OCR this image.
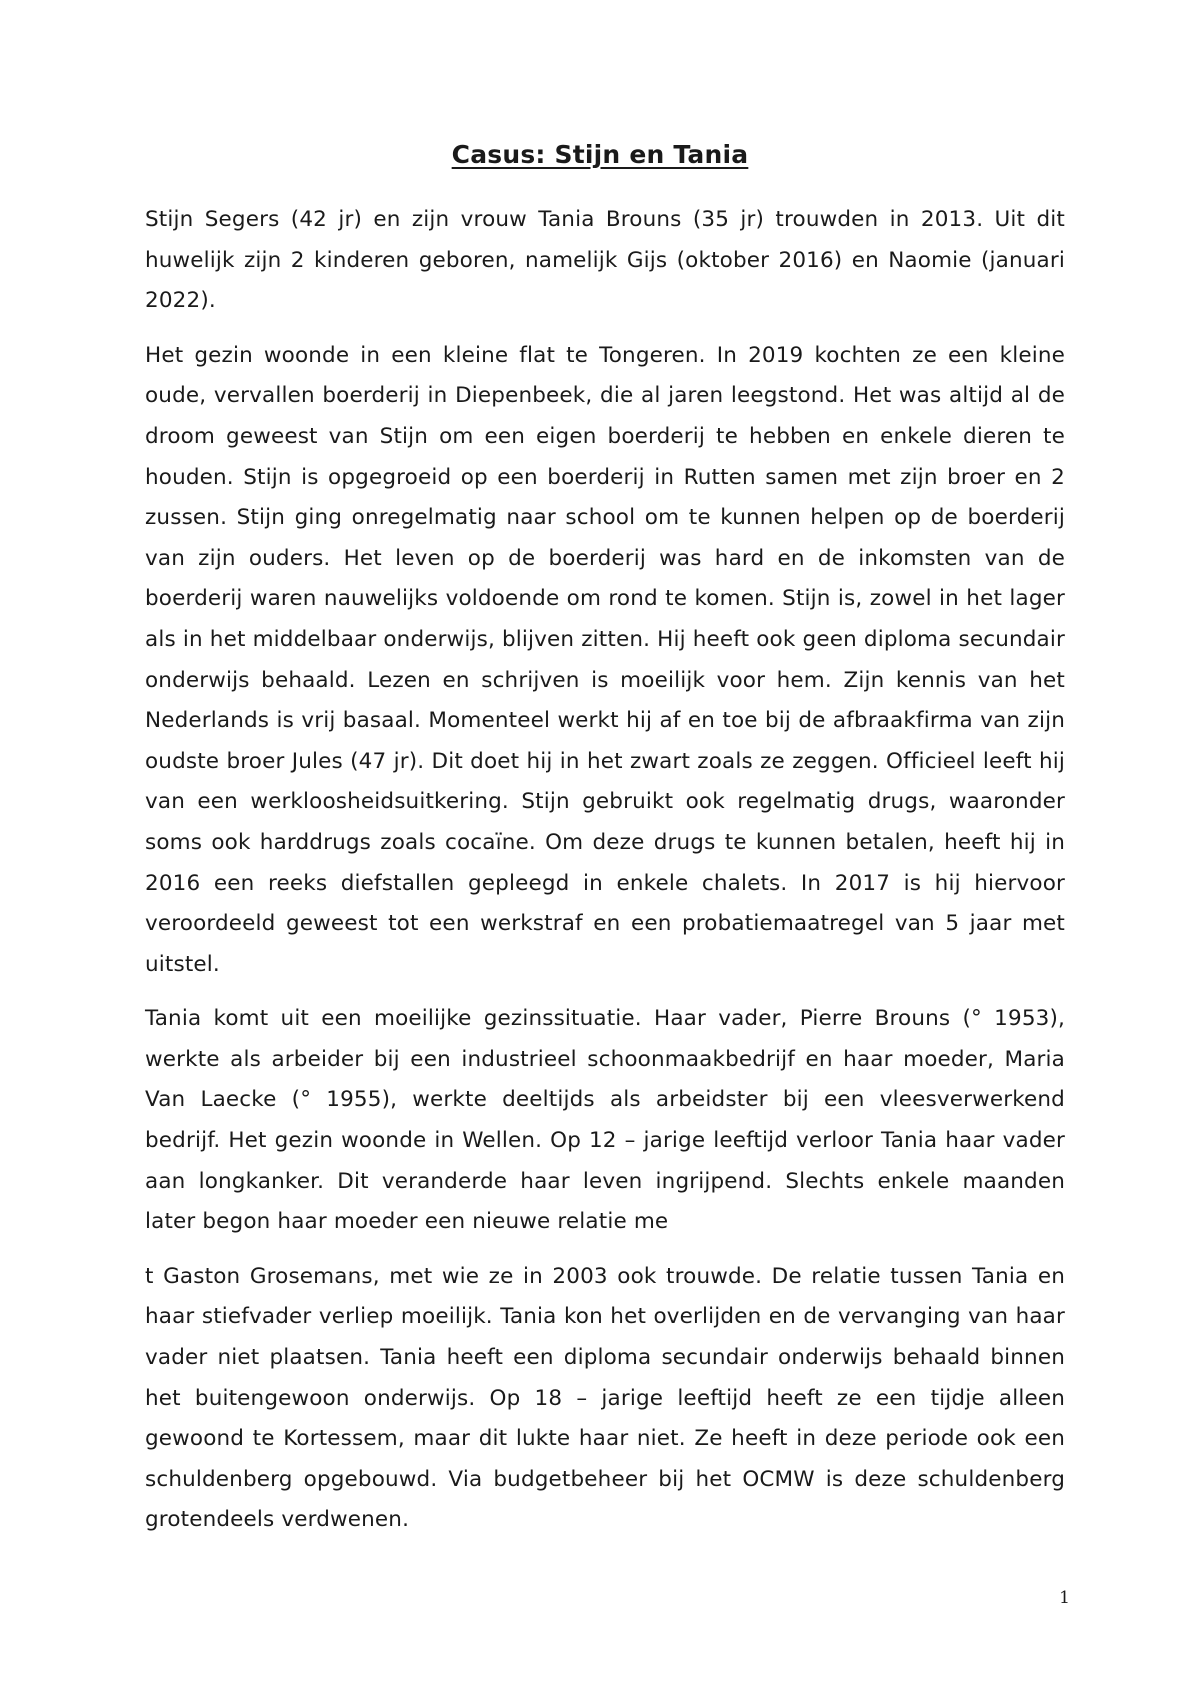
Casus: Stijn en Tania

Stijn Segers (42 jr) en zijn vrouw Tania Brouns (35 jr) trouwden in 2013. Uit dit huwelijk zijn 2 kinderen geboren, namelijk Gijs (oktober 2016) en Naomie (januari 2022).

Het gezin woonde in een kleine flat te Tongeren. In 2019 kochten ze een kleine oude, vervallen boerderij in Diepenbeek, die al jaren leegstond. Het was altijd al de droom geweest van Stijn om een eigen boerderij te hebben en enkele dieren te houden. Stijn is opgegroeid op een boerderij in Rutten samen met zijn broer en 2 zussen. Stijn ging onregelmatig naar school om te kunnen helpen op de boerderij van zijn ouders. Het leven op de boerderij was hard en de inkomsten van de boerderij waren nauwelijks voldoende om rond te komen. Stijn is, zowel in het lager als in het middelbaar onderwijs, blijven zitten. Hij heeft ook geen diploma secundair onderwijs behaald. Lezen en schrijven is moeilijk voor hem. Zijn kennis van het Nederlands is vrij basaal. Momenteel werkt hij af en toe bij de afbraakfirma van zijn oudste broer Jules (47 jr). Dit doet hij in het zwart zoals ze zeggen. Officieel leeft hij van een werkloosheidsuitkering. Stijn gebruikt ook regelmatig drugs, waaronder soms ook harddrugs zoals cocaïne. Om deze drugs te kunnen betalen, heeft hij in 2016 een reeks diefstallen gepleegd in enkele chalets. In 2017 is hij hiervoor veroordeeld geweest tot een werkstraf en een probatiemaatregel van 5 jaar met uitstel.

Tania komt uit een moeilijke gezinssituatie. Haar vader, Pierre Brouns (° 1953), werkte als arbeider bij een industrieel schoonmaakbedrijf en haar moeder, Maria Van Laecke (° 1955), werkte deeltijds als arbeidster bij een vleesverwerkend bedrijf. Het gezin woonde in Wellen. Op 12 – jarige leeftijd verloor Tania haar vader aan longkanker. Dit veranderde haar leven ingrijpend. Slechts enkele maanden later begon haar moeder een nieuwe relatie me

t Gaston Grosemans, met wie ze in 2003 ook trouwde. De relatie tussen Tania en haar stiefvader verliep moeilijk. Tania kon het overlijden en de vervanging van haar vader niet plaatsen. Tania heeft een diploma secundair onderwijs behaald binnen het buitengewoon onderwijs. Op 18 – jarige leeftijd heeft ze een tijdje alleen gewoond te Kortessem, maar dit lukte haar niet. Ze heeft in deze periode ook een schuldenberg opgebouwd. Via budgetbeheer bij het OCMW is deze schuldenberg grotendeels verdwenen.

1
